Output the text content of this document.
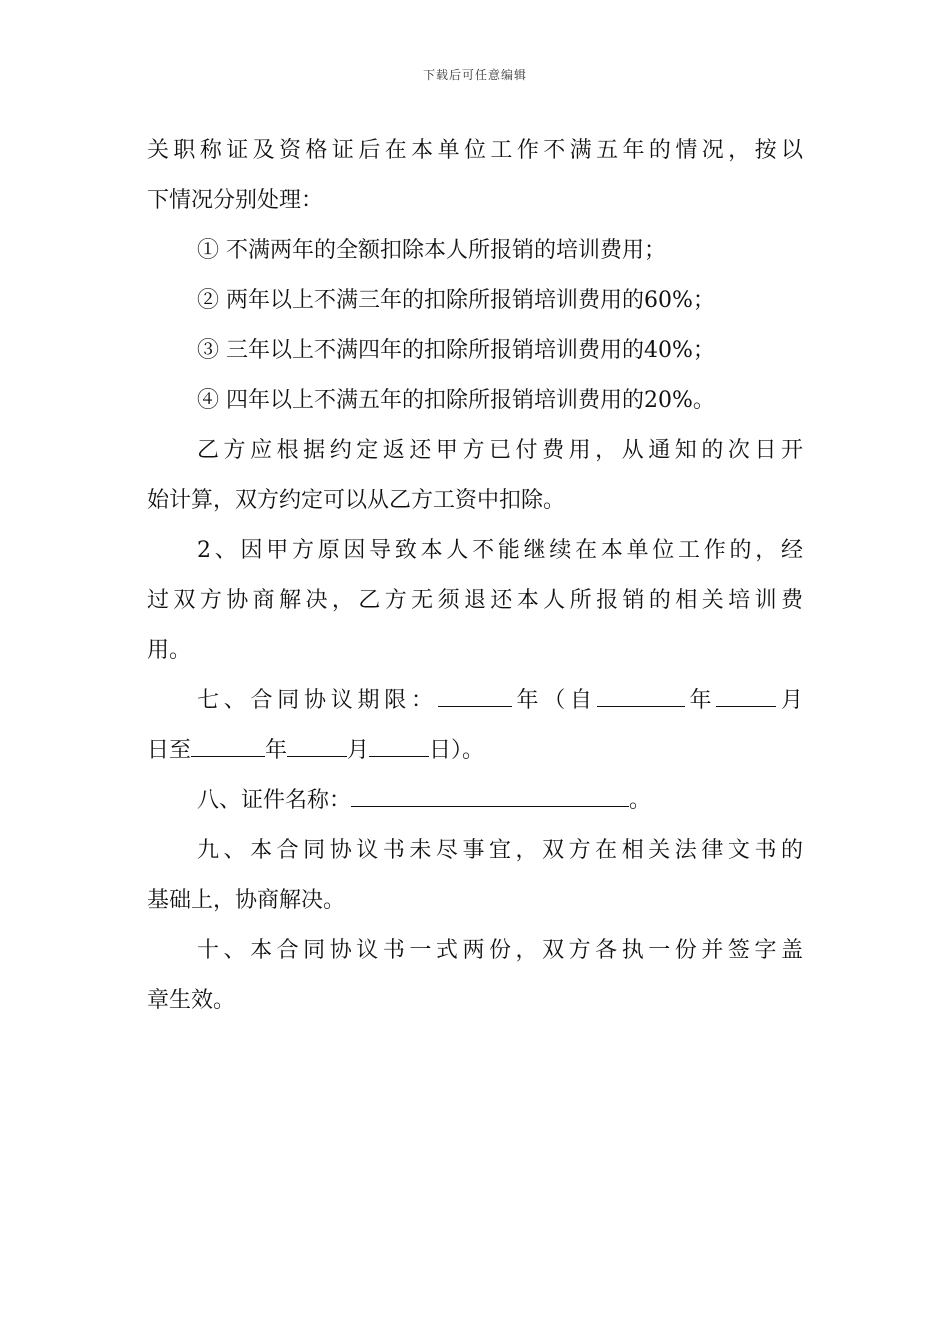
下载后可任意编辑
关职称证及资格证后在本单位工作不满五年的情况，按以
下情况分别处理：
① 不满两年的全额扣除本人所报销的培训费用；
② 两年以上不满三年的扣除所报销培训费用的60%；
③ 三年以上不满四年的扣除所报销培训费用的40%；
④ 四年以上不满五年的扣除所报销培训费用的20%。
乙方应根据约定返还甲方已付费用，从通知的次日开
始计算，双方约定可以从乙方工资中扣除。
2、因甲方原因导致本人不能继续在本单位工作的，经
过双方协商解决，乙方无须退还本人所报销的相关培训费
用。
七、合同协议期限：	年（自	年	月
日至	年	月	日）。
八、证件名称：	。
九、本合同协议书未尽事宜，双方在相关法律文书的
基础上，协商解决。
十、本合同协议书一式两份，双方各执一份并签字盖
章生效。
